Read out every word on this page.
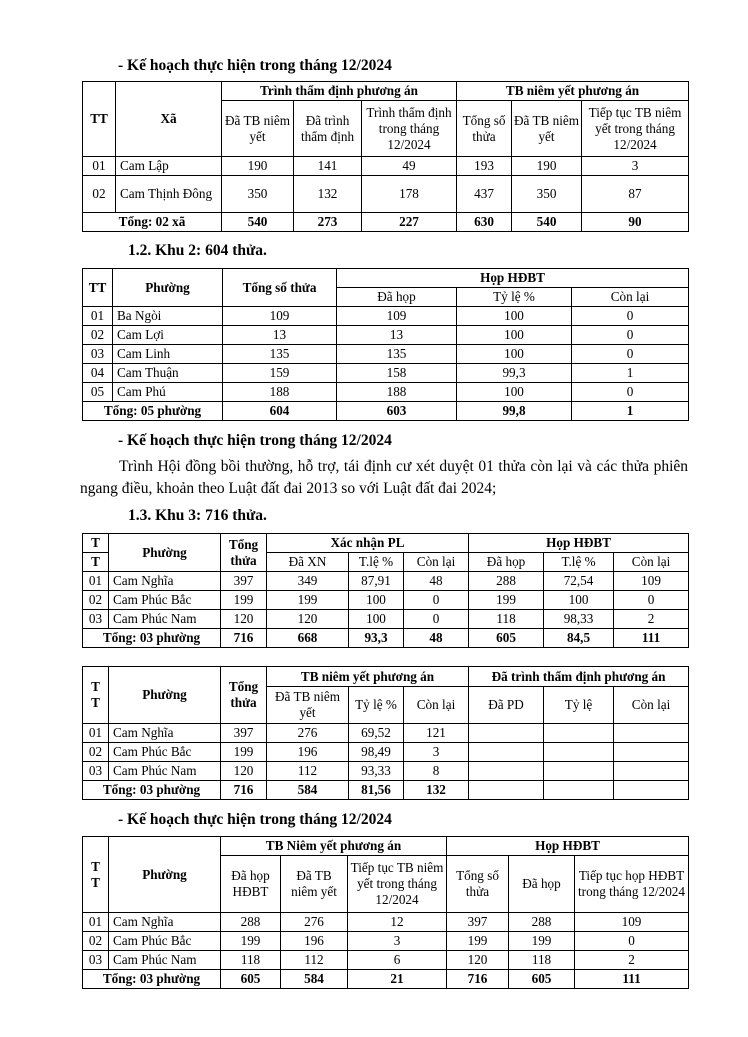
- Kế hoạch thực hiện trong tháng 12/2024
TT	Xã	Trình thẩm định phương án			TB niêm yết phương án		
		Đã TB niêm yết	Đã trình thẩm định	Trình thẩm định trong tháng 12/2024	Tổng số thửa	Đã TB niêm yết	Tiếp tục TB niêm yết trong tháng 12/2024
01	Cam Lập	190	141	49	193	190	3
02	Cam Thịnh Đông	350	132	178	437	350	87
Tổng: 02 xã		540	273	227	630	540	90
1.2. Khu 2: 604 thửa.
TT	Phường	Tổng số thửa	Họp HĐBT		
			Đã họp	Tỷ lệ %	Còn lại
01	Ba Ngòi	109	109	100	0
02	Cam Lợi	13	13	100	0
03	Cam Linh	135	135	100	0
04	Cam Thuận	159	158	99,3	1
05	Cam Phú	188	188	100	0
Tổng: 05 phường		604	603	99,8	1
- Kế hoạch thực hiện trong tháng 12/2024
Trình Hội đồng bồi thường, hỗ trợ, tái định cư xét duyệt 01 thửa còn lại và các thửa phiên ngang điều, khoản theo Luật đất đai 2013 so với Luật đất đai 2024;
1.3. Khu 3: 716 thửa.
T	Phường	Tổng thửa	Xác nhận PL			Họp HĐBT		
T			Đã XN	T.lệ %	Còn lại	Đã họp	T.lệ %	Còn lại
01	Cam Nghĩa	397	349	87,91	48	288	72,54	109
02	Cam Phúc Bắc	199	199	100	0	199	100	0
03	Cam Phúc Nam	120	120	100	0	118	98,33	2
Tổng: 03 phường		716	668	93,3	48	605	84,5	111
T
T	Phường	Tổng thửa	TB niêm yết phương án			Đã trình thẩm định phương án		
			Đã TB niêm yết	Tỷ lệ %	Còn lại	Đã PD	Tỷ lệ	Còn lại
01	Cam Nghĩa	397	276	69,52	121			
02	Cam Phúc Bắc	199	196	98,49	3			
03	Cam Phúc Nam	120	112	93,33	8			
Tổng: 03 phường		716	584	81,56	132			
- Kế hoạch thực hiện trong tháng 12/2024
T
T	Phường	TB Niêm yết phương án			Họp HĐBT		
		Đã họp HĐBT	Đã TB niêm yết	Tiếp tục TB niêm yết trong tháng 12/2024	Tổng số thửa	Đã họp	Tiếp tục họp HĐBT trong tháng 12/2024
01	Cam Nghĩa	288	276	12	397	288	109
02	Cam Phúc Bắc	199	196	3	199	199	0
03	Cam Phúc Nam	118	112	6	120	118	2
Tổng: 03 phường		605	584	21	716	605	111
